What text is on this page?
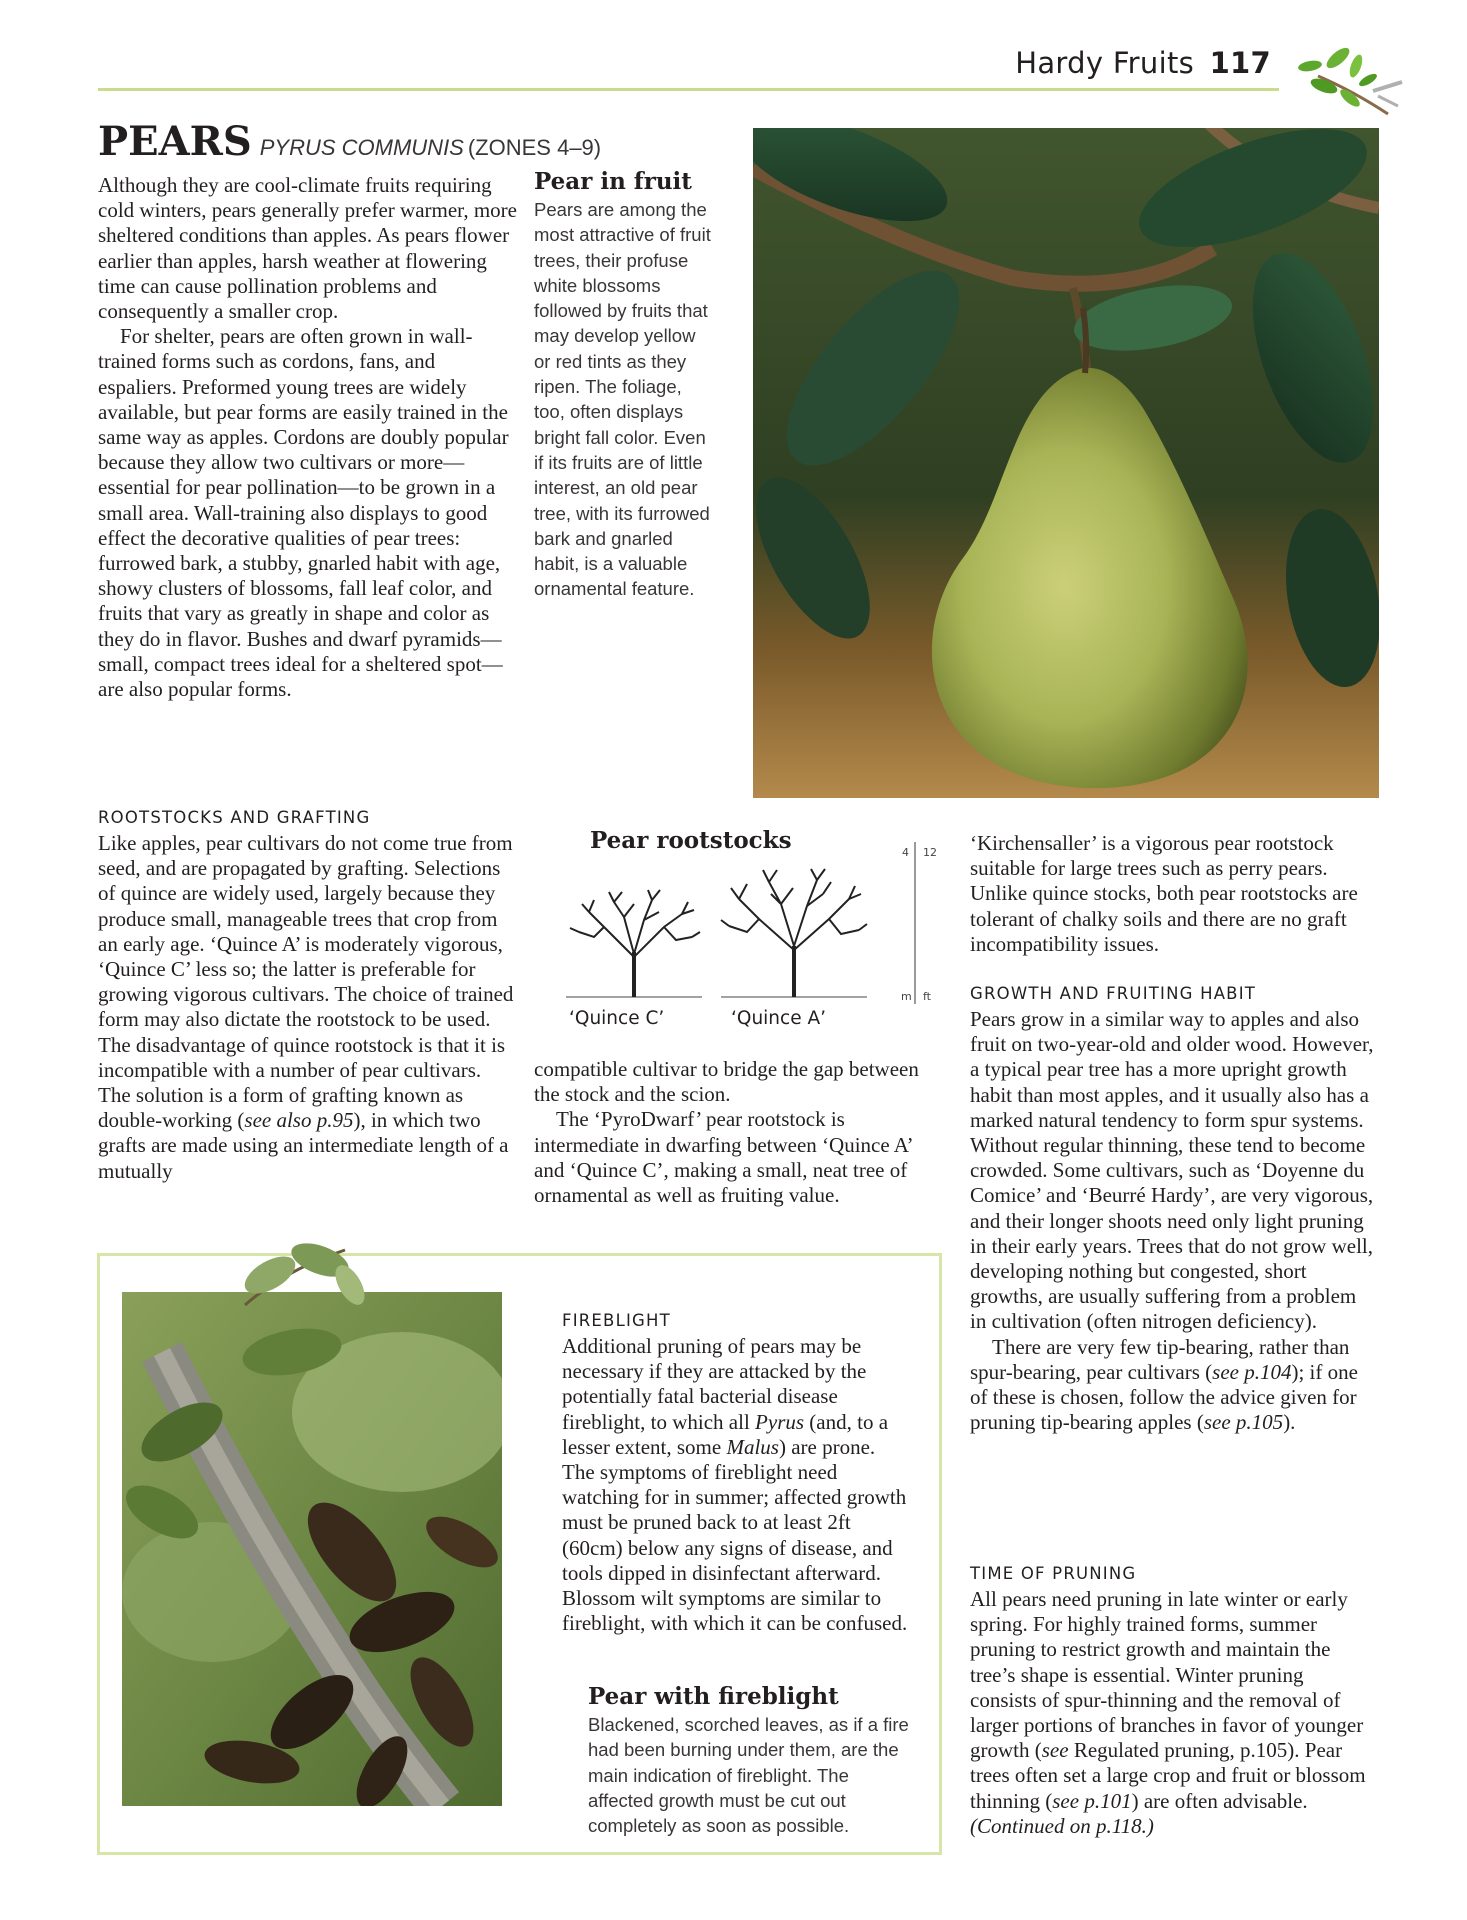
Hardy Fruits 117
PEARS PYRUS COMMUNIS (ZONES 4–9)

Although they are cool-climate fruits requiring cold winters, pears generally prefer warmer, more sheltered conditions than apples. As pears flower earlier than apples, harsh weather at flowering time can cause pollination problems and consequently a smaller crop.

For shelter, pears are often grown in wall-trained forms such as cordons, fans, and espaliers. Preformed young trees are widely available, but pear forms are easily trained in the same way as apples. Cordons are doubly popular because they allow two cultivars or more—essential for pear pollination—to be grown in a small area. Wall-training also displays to good effect the decorative qualities of pear trees: furrowed bark, a stubby, gnarled habit with age, showy clusters of blossoms, fall leaf color, and fruits that vary as greatly in shape and color as they do in flavor. Bushes and dwarf pyramids—small, compact trees ideal for a sheltered spot— are also popular forms.

Pear in fruit
Pears are among the most attractive of fruit trees, their profuse white blossoms followed by fruits that may develop yellow or red tints as they ripen. The foliage, too, often displays bright fall color. Even if its fruits are of little interest, an old pear tree, with its furrowed bark and gnarled habit, is a valuable ornamental feature.
ROOTSTOCKS AND GRAFTING
Like apples, pear cultivars do not come true from seed, and are propagated by grafting. Selections of quince are widely used, largely because they produce small, manageable trees that crop from an early age. ‘Quince A’ is moderately vigorous, ‘Quince C’ less so; the latter is preferable for growing vigorous cultivars. The choice of trained form may also dictate the rootstock to be used. The disadvantage of quince rootstock is that it is incompatible with a number of pear cultivars. The solution is a form of grafting known as double-working (see also p.95), in which two grafts are made using an intermediate length of a mutually
Pear rootstocks
‘Quince C’	‘Quince A’
4 12
m ft

compatible cultivar to bridge the gap between the stock and the scion.

The ‘PyroDwarf’ pear rootstock is intermediate in dwarfing between ‘Quince A’ and ‘Quince C’, making a small, neat tree of ornamental as well as fruiting value.

‘Kirchensaller’ is a vigorous pear rootstock suitable for large trees such as perry pears. Unlike quince stocks, both pear rootstocks are tolerant of chalky soils and there are no graft incompatibility issues.
GROWTH AND FRUITING HABIT

Pears grow in a similar way to apples and also fruit on two-year-old and older wood. However, a typical pear tree has a more upright growth habit than most apples, and it usually also has a marked natural tendency to form spur systems. Without regular thinning, these tend to become crowded. Some cultivars, such as ‘Doyenne du Comice’ and ‘Beurré Hardy’, are very vigorous, and their longer shoots need only light pruning in their early years. Trees that do not grow well, developing nothing but congested, short growths, are usually suffering from a problem in cultivation (often nitrogen deficiency).

There are very few tip-bearing, rather than spur-bearing, pear cultivars (see p.104); if one of these is chosen, follow the advice given for pruning tip-bearing apples (see p.105).

TIME OF PRUNING

All pears need pruning in late winter or early spring. For highly trained forms, summer pruning to restrict growth and maintain the tree’s shape is essential. Winter pruning consists of spur-thinning and the removal of larger portions of branches in favor of younger growth (see Regulated pruning, p.105). Pear trees often set a large crop and fruit or blossom thinning (see p.101) are often advisable.

(Continued on p.118.)

FIREBLIGHT
Additional pruning of pears may be necessary if they are attacked by the potentially fatal bacterial disease fireblight, to which all Pyrus (and, to a lesser extent, some Malus) are prone. The symptoms of fireblight need watching for in summer; affected growth must be pruned back to at least 2ft (60cm) below any signs of disease, and tools dipped in disinfectant afterward. Blossom wilt symptoms are similar to fireblight, with which it can be confused.
Pear with fireblight
Blackened, scorched leaves, as if a fire had been burning under them, are the main indication of fireblight. The affected growth must be cut out completely as soon as possible.
